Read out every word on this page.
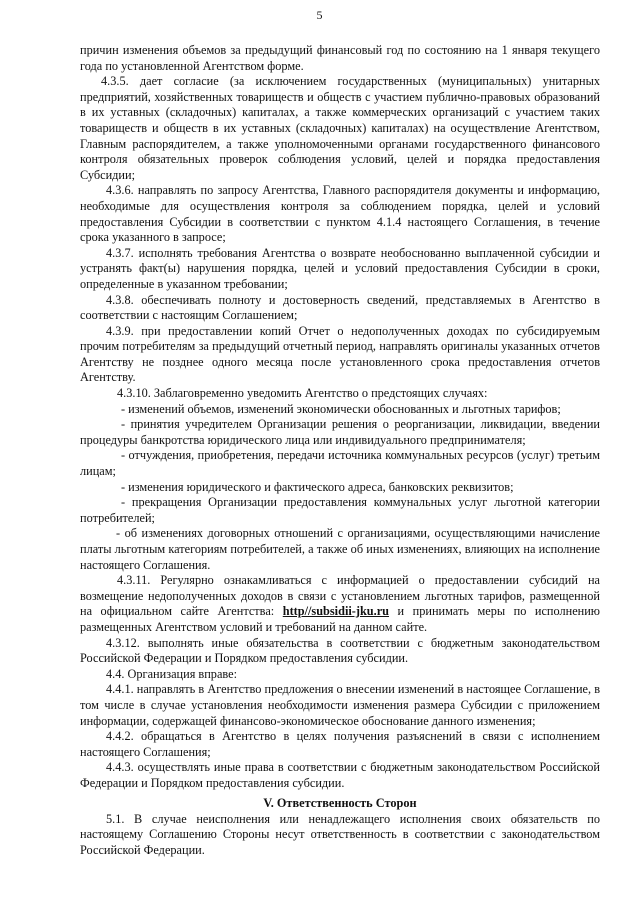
5

причин изменения объемов за предыдущий финансовый год по состоянию на 1 января текущего года по установленной Агентством форме.

4.3.5. дает согласие (за исключением государственных (муниципальных) унитарных предприятий, хозяйственных товариществ и обществ с участием публично-правовых образований в их уставных (складочных) капиталах, а также коммерческих организаций с участием таких товариществ и обществ в их уставных (складочных) капиталах) на осуществление Агентством, Главным распорядителем, а также уполномоченными органами государственного финансового контроля обязательных проверок соблюдения условий, целей и порядка предоставления Субсидии;

4.3.6. направлять по запросу Агентства, Главного распорядителя документы и информацию, необходимые для осуществления контроля за соблюдением порядка, целей и условий предоставления Субсидии в соответствии с пунктом 4.1.4 настоящего Соглашения, в течение срока указанного в запросе;

4.3.7. исполнять требования Агентства о возврате необоснованно выплаченной субсидии и устранять факт(ы) нарушения порядка, целей и условий предоставления Субсидии в сроки, определенные в указанном требовании;

4.3.8. обеспечивать полноту и достоверность сведений, представляемых в Агентство в соответствии с настоящим Соглашением;

4.3.9. при предоставлении копий Отчет о недополученных доходах по субсидируемым прочим потребителям за предыдущий отчетный период, направлять оригиналы указанных отчетов Агентству не позднее одного месяца после установленного срока предоставления отчетов Агентству.

4.3.10. Заблаговременно уведомить Агентство о предстоящих случаях:

- изменений объемов, изменений экономически обоснованных и льготных тарифов;

- принятия учредителем Организации решения о реорганизации, ликвидации, введении процедуры банкротства юридического лица или индивидуального предпринимателя;

- отчуждения, приобретения, передачи источника коммунальных ресурсов (услуг) третьим лицам;

- изменения юридического и фактического адреса, банковских реквизитов;

- прекращения Организации предоставления коммунальных услуг льготной категории потребителей;

- об изменениях договорных отношений с организациями, осуществляющими начисление платы льготным категориям потребителей, а также об иных изменениях, влияющих на исполнение настоящего Соглашения.

4.3.11. Регулярно ознакамливаться с информацией о предоставлении субсидий на возмещение недополученных доходов в связи с установлением льготных тарифов, размещенной на официальном сайте Агентства: http//subsidii-jku.ru и принимать меры по исполнению размещенных Агентством условий и требований на данном сайте.

4.3.12. выполнять иные обязательства в соответствии с бюджетным законодательством Российской Федерации и Порядком предоставления субсидии.

4.4. Организация вправе:

4.4.1. направлять в Агентство предложения о внесении изменений в настоящее Соглашение, в том числе в случае установления необходимости изменения размера Субсидии с приложением информации, содержащей финансово-экономическое обоснование данного изменения;

4.4.2. обращаться в Агентство в целях получения разъяснений в связи с исполнением настоящего Соглашения;

4.4.3. осуществлять иные права в соответствии с бюджетным законодательством Российской Федерации и Порядком предоставления субсидии.

V. Ответственность Сторон

5.1. В случае неисполнения или ненадлежащего исполнения своих обязательств по настоящему Соглашению Стороны несут ответственность в соответствии с законодательством Российской Федерации.
